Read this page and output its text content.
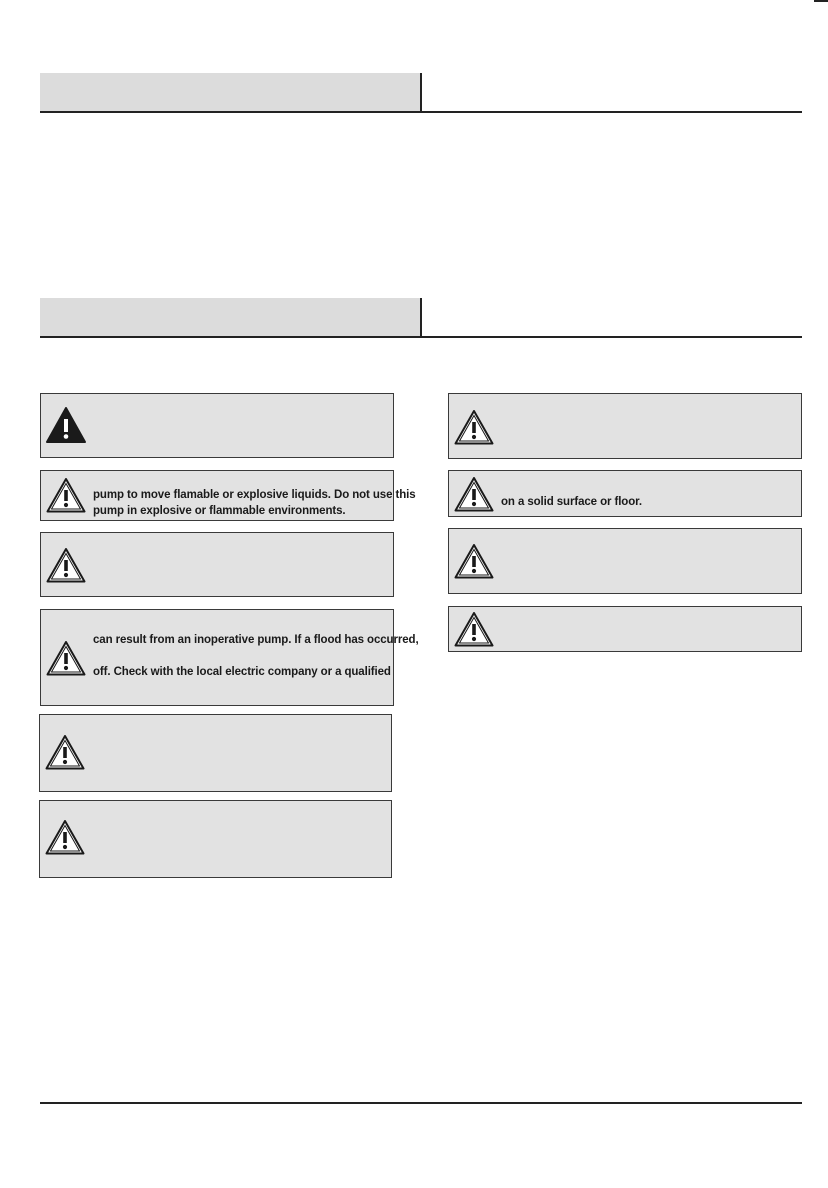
pump to move flamable or explosive liquids. Do not use this
pump in explosive or flammable environments.
can result from an inoperative pump. If a flood has occurred,
off. Check with the local electric company or a qualified
on a solid surface or floor.
